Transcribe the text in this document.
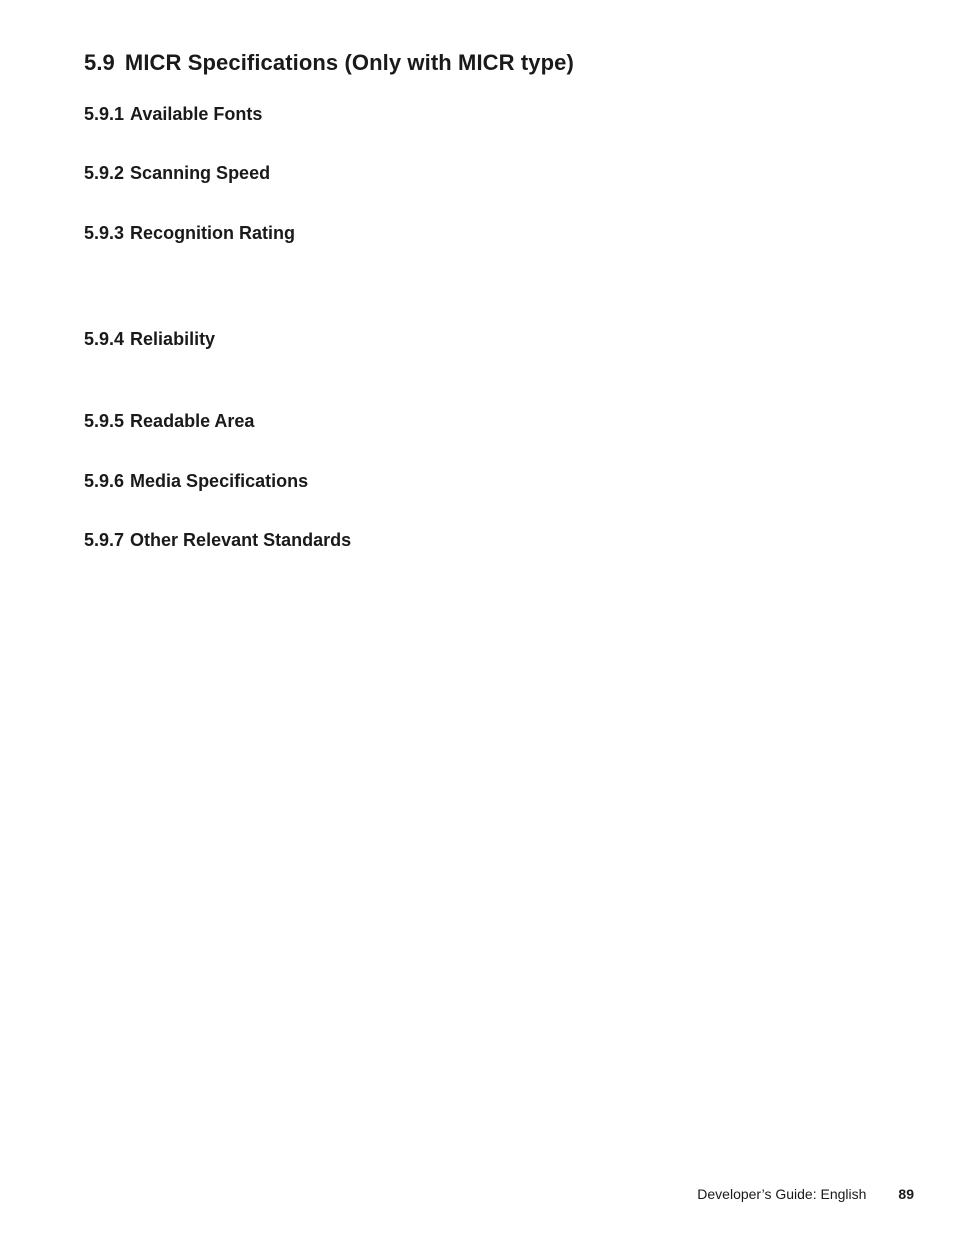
5.9 MICR Specifications (Only with MICR type)
5.9.1 Available Fonts
5.9.2 Scanning Speed
5.9.3 Recognition Rating
5.9.4 Reliability
5.9.5 Readable Area
5.9.6 Media Specifications
5.9.7 Other Relevant Standards
Developer’s Guide: English 89
